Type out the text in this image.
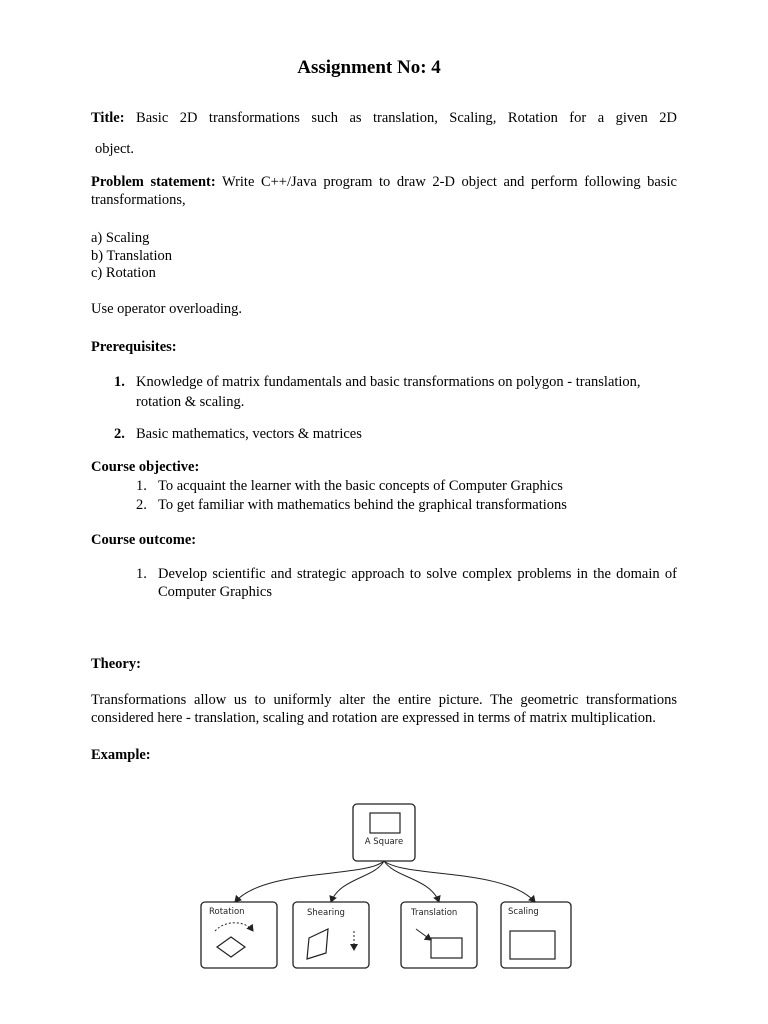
Assignment No: 4
Title: Basic 2D transformations such as translation, Scaling, Rotation for a given 2D
object.
Problem statement: Write C++/Java program to draw 2-D object and perform following basic transformations,
a) Scaling
b) Translation
c) Rotation
Use operator overloading.
Prerequisites:
1. Knowledge of matrix fundamentals and basic transformations on polygon - translation,
rotation & scaling.
2. Basic mathematics, vectors & matrices
Course objective:
1. To acquaint the learner with the basic concepts of Computer Graphics
2. To get familiar with mathematics behind the graphical transformations
Course outcome:
1. Develop scientific and strategic approach to solve complex problems in the domain of
Computer Graphics
Theory:
Transformations allow us to uniformly alter the entire picture. The geometric transformations considered here - translation, scaling and rotation are expressed in terms of matrix multiplication.
Example:
A Square
Rotation	Shearing	Translation	Scaling
